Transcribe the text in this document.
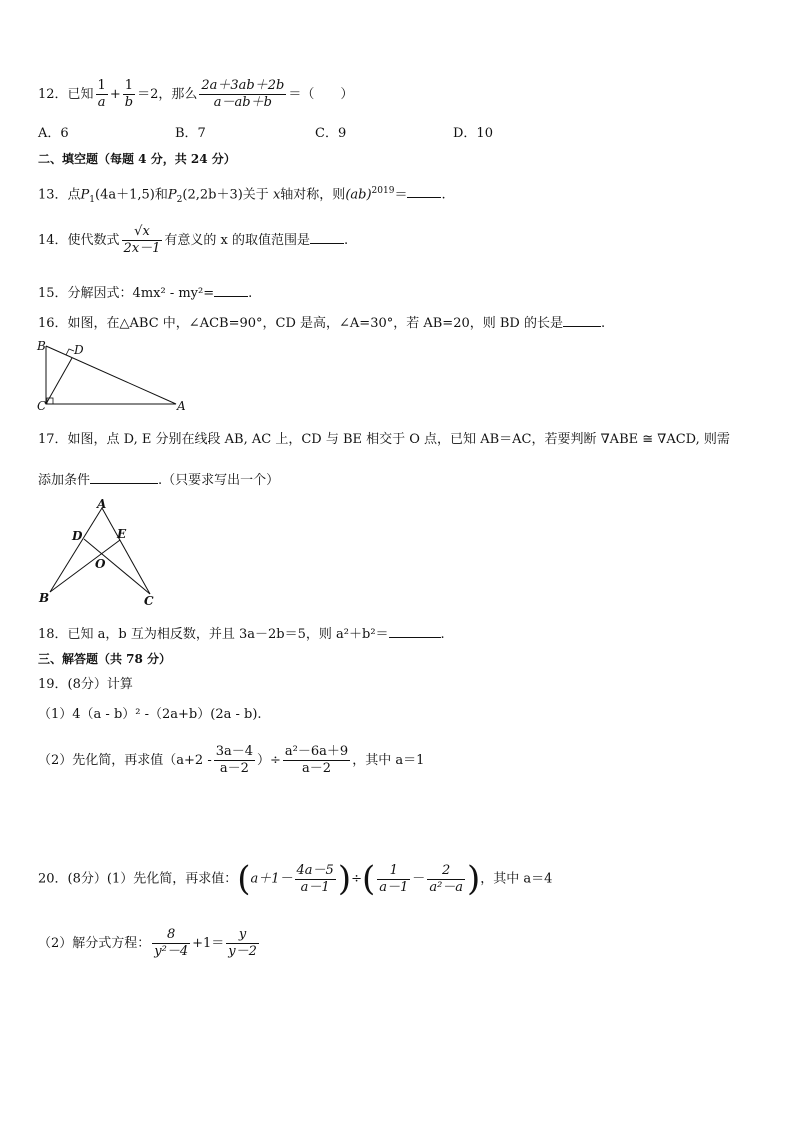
12．已知 $\frac{1}{a} + \frac{1}{b} =2$，那么 $\frac{2a+3ab+2b}{a-ab+b}$ ＝（　　）
A．6	B．7	C．9	D．10
二、填空题（每题 4 分，共 24 分）
13．点$P_1(4a+1,5)$和$P_2(2,2b+3)$关于 x轴对称，则(ab)$^{2019}$＝	.
14．使代数式 $\frac{√x}{2x-1}$ 有意义的 x 的取值范围是	.
15．分解因式：4mx² - my²=	.
16．如图，在△ABC 中，∠ACB=90°，CD 是高，∠A=30°，若 AB=20，则 BD 的长是	.
B D
C	A
17．如图，点 D, E 分别在线段 AB, AC 上，CD 与 BE 相交于 O 点，已知 AB＝AC，若要判断 ∇ABE ≅ ∇ACD, 则需
添加条件	.（只要求写出一个）
A
D	E
O
B	C
18．已知 a，b 互为相反数，并且 3a－2b＝5，则 a²＋b²＝	.
三、解答题（共 78 分）
19．(8分）计算
（1）4（a - b）² -（2a+b）(2a - b).
（2）先化简，再求值（$a+2 - \frac{3a-4}{a-2}$ ）÷ $\frac{\text{a²－6a＋9}}{a-2}$ ，其中 a＝1
20．(8分）(1）先化简，再求值：($a+1- \frac{4a-5}{a-1}$ )÷( $\frac{1}{a-1} - \frac{2}{\text{a²－a}}$ )，其中 a＝4
（2）解分式方程： $\frac{8}{\text{y²－4}} +1= \frac{y}{y-2}$
